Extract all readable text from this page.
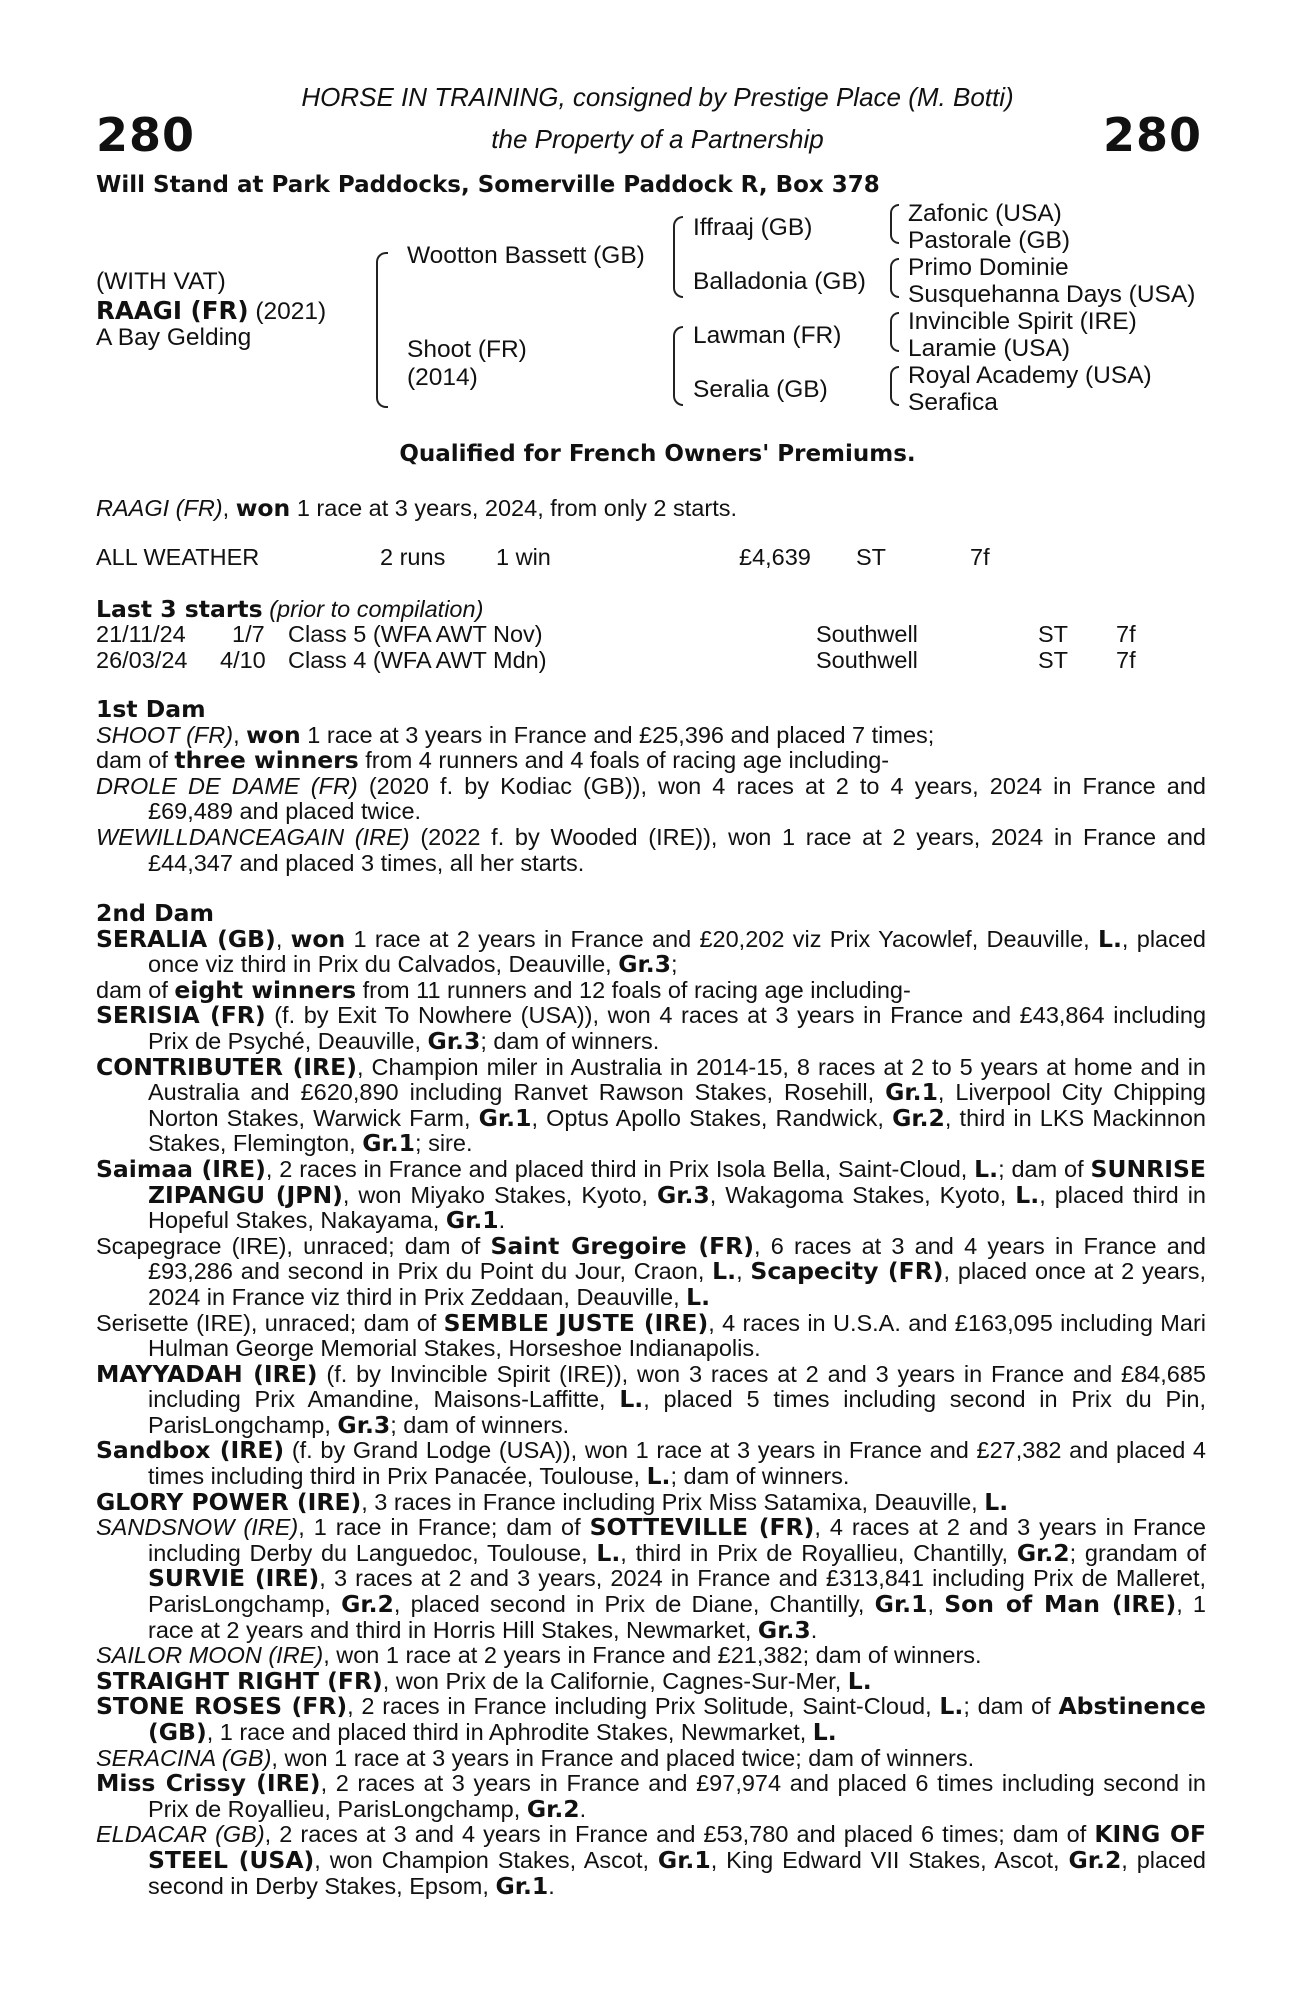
280	280
HORSE IN TRAINING, consigned by Prestige Place (M. Botti)
the Property of a Partnership
Will Stand at Park Paddocks, Somerville Paddock R, Box 378
(WITH VAT)
RAAGI (FR) (2021)
A Bay Gelding
Wootton Bassett (GB)
Shoot (FR)
(2014)
Iffraaj (GB)
Balladonia (GB)
Lawman (FR)
Seralia (GB)
Zafonic (USA)
Pastorale (GB)
Primo Dominie
Susquehanna Days (USA)
Invincible Spirit (IRE)
Laramie (USA)
Royal Academy (USA)
Serafica
Qualified for French Owners' Premiums.
RAAGI (FR), won 1 race at 3 years, 2024, from only 2 starts.
ALL WEATHER	2 runs 1 win	£4,639 ST	7f
Last 3 starts (prior to compilation)
21/11/24 1/7 Class 5 (WFA AWT Nov)	Southwell	ST 7f
26/03/24 4/10 Class 4 (WFA AWT Mdn)	Southwell	ST 7f

1st Dam

SHOOT (FR), won 1 race at 3 years in France and £25,396 and placed 7 times;

dam of three winners from 4 runners and 4 foals of racing age including-

DROLE DE DAME (FR) (2020 f. by Kodiac (GB)), won 4 races at 2 to 4 years, 2024 in France and £69,489 and placed twice.

WEWILLDANCEAGAIN (IRE) (2022 f. by Wooded (IRE)), won 1 race at 2 years, 2024 in France and £44,347 and placed 3 times, all her starts.

2nd Dam

SERALIA (GB), won 1 race at 2 years in France and £20,202 viz Prix Yacowlef, Deauville, L., placed once viz third in Prix du Calvados, Deauville, Gr.3;

dam of eight winners from 11 runners and 12 foals of racing age including-

SERISIA (FR) (f. by Exit To Nowhere (USA)), won 4 races at 3 years in France and £43,864 including Prix de Psyché, Deauville, Gr.3; dam of winners.

CONTRIBUTER (IRE), Champion miler in Australia in 2014-15, 8 races at 2 to 5 years at home and in Australia and £620,890 including Ranvet Rawson Stakes, Rosehill, Gr.1, Liverpool City Chipping Norton Stakes, Warwick Farm, Gr.1, Optus Apollo Stakes, Randwick, Gr.2, third in LKS Mackinnon Stakes, Flemington, Gr.1; sire.

Saimaa (IRE), 2 races in France and placed third in Prix Isola Bella, Saint-Cloud, L.; dam of SUNRISE ZIPANGU (JPN), won Miyako Stakes, Kyoto, Gr.3, Wakagoma Stakes, Kyoto, L., placed third in Hopeful Stakes, Nakayama, Gr.1.

Scapegrace (IRE), unraced; dam of Saint Gregoire (FR), 6 races at 3 and 4 years in France and £93,286 and second in Prix du Point du Jour, Craon, L., Scapecity (FR), placed once at 2 years, 2024 in France viz third in Prix Zeddaan, Deauville, L.

Serisette (IRE), unraced; dam of SEMBLE JUSTE (IRE), 4 races in U.S.A. and £163,095 including Mari Hulman George Memorial Stakes, Horseshoe Indianapolis.

MAYYADAH (IRE) (f. by Invincible Spirit (IRE)), won 3 races at 2 and 3 years in France and £84,685 including Prix Amandine, Maisons-Laffitte, L., placed 5 times including second in Prix du Pin, ParisLongchamp, Gr.3; dam of winners.

Sandbox (IRE) (f. by Grand Lodge (USA)), won 1 race at 3 years in France and £27,382 and placed 4 times including third in Prix Panacée, Toulouse, L.; dam of winners.

GLORY POWER (IRE), 3 races in France including Prix Miss Satamixa, Deauville, L.

SANDSNOW (IRE), 1 race in France; dam of SOTTEVILLE (FR), 4 races at 2 and 3 years in France including Derby du Languedoc, Toulouse, L., third in Prix de Royallieu, Chantilly, Gr.2; grandam of SURVIE (IRE), 3 races at 2 and 3 years, 2024 in France and £313,841 including Prix de Malleret, ParisLongchamp, Gr.2, placed second in Prix de Diane, Chantilly, Gr.1, Son of Man (IRE), 1 race at 2 years and third in Horris Hill Stakes, Newmarket, Gr.3.

SAILOR MOON (IRE), won 1 race at 2 years in France and £21,382; dam of winners.

STRAIGHT RIGHT (FR), won Prix de la Californie, Cagnes-Sur-Mer, L.

STONE ROSES (FR), 2 races in France including Prix Solitude, Saint-Cloud, L.; dam of Abstinence (GB), 1 race and placed third in Aphrodite Stakes, Newmarket, L.

SERACINA (GB), won 1 race at 3 years in France and placed twice; dam of winners.

Miss Crissy (IRE), 2 races at 3 years in France and £97,974 and placed 6 times including second in Prix de Royallieu, ParisLongchamp, Gr.2.

ELDACAR (GB), 2 races at 3 and 4 years in France and £53,780 and placed 6 times; dam of KING OF STEEL (USA), won Champion Stakes, Ascot, Gr.1, King Edward VII Stakes, Ascot, Gr.2, placed second in Derby Stakes, Epsom, Gr.1.
